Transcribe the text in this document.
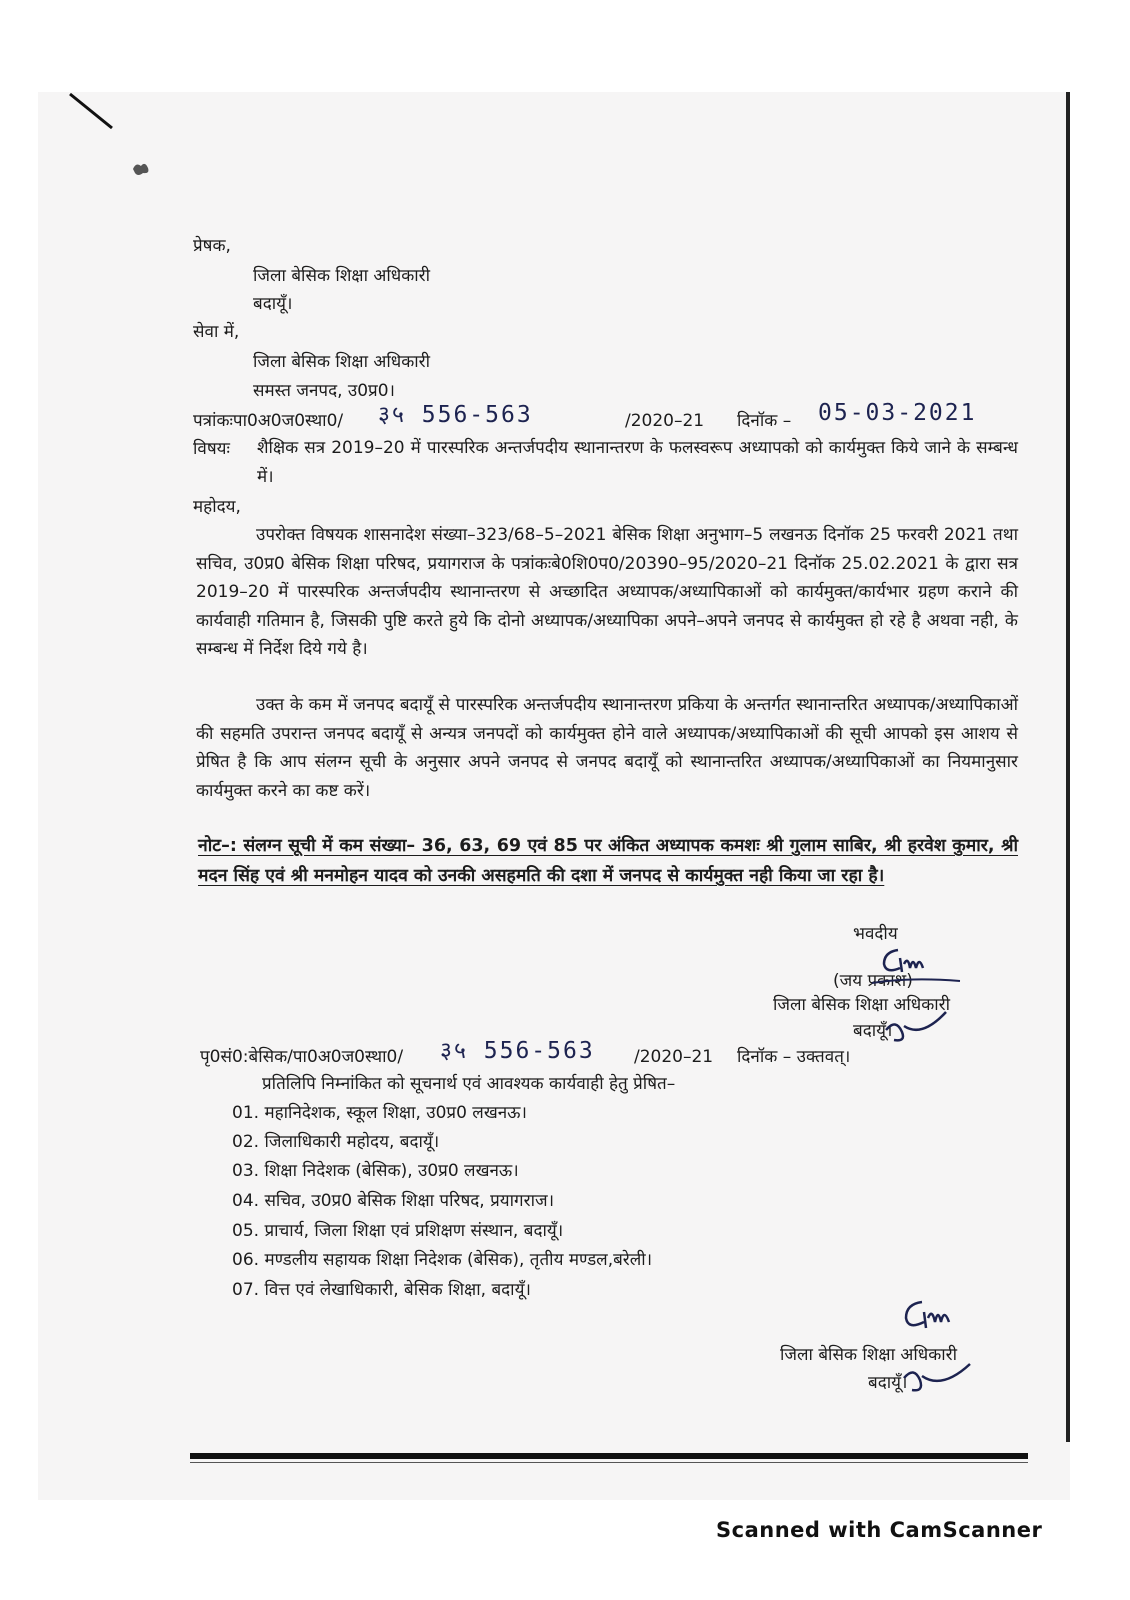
प्रेषक,
जिला बेसिक शिक्षा अधिकारी
बदायूँ।
सेवा में,
जिला बेसिक शिक्षा अधिकारी
समस्त जनपद, उ0प्र0।
पत्रांकःपा0अ0ज0स्था0/ ३५ 556-563	/2020–21 दिनॉक – 05-03-2021
विषयः शैक्षिक सत्र 2019–20 में पारस्परिक अन्तर्जपदीय स्थानान्तरण के फलस्वरूप अध्यापको को कार्यमुक्त किये जाने के सम्बन्ध में।
महोदय,
उपरोक्त विषयक शासनादेश संख्या–323/68–5–2021 बेसिक शिक्षा अनुभाग–5 लखनऊ दिनॉक 25 फरवरी 2021 तथा सचिव, उ0प्र0 बेसिक शिक्षा परिषद, प्रयागराज के पत्रांकःबे0शि0प0/20390–95/2020–21 दिनॉक 25.02.2021 के द्वारा सत्र 2019–20 में पारस्परिक अन्तर्जपदीय स्थानान्तरण से अच्छादित अध्यापक/अध्यापिकाओं को कार्यमुक्त/कार्यभार ग्रहण कराने की कार्यवाही गतिमान है, जिसकी पुष्टि करते हुये कि दोनो अध्यापक/अध्यापिका अपने–अपने जनपद से कार्यमुक्त हो रहे है अथवा नही, के सम्बन्ध में निर्देश दिये गये है।
उक्त के कम में जनपद बदायूँ से पारस्परिक अन्तर्जपदीय स्थानान्तरण प्रकिया के अन्तर्गत स्थानान्तरित अध्यापक/अध्यापिकाओं की सहमति उपरान्त जनपद बदायूँ से अन्यत्र जनपदों को कार्यमुक्त होने वाले अध्यापक/अध्यापिकाओं की सूची आपको इस आशय से प्रेषित है कि आप संलग्न सूची के अनुसार अपने जनपद से जनपद बदायूँ को स्थानान्तरित अध्यापक/अध्यापिकाओं का नियमानुसार कार्यमुक्त करने का कष्ट करें।
नोट–: संलग्न सूची में कम संख्या– 36, 63, 69 एवं 85 पर अंकित अध्यापक कमशः श्री गुलाम साबिर, श्री हरवेश कुमार, श्री मदन सिंह एवं श्री मनमोहन यादव को उनकी असहमति की दशा में जनपद से कार्यमुक्त नही किया जा रहा है।
भवदीय
(जय प्रकाश)
जिला बेसिक शिक्षा अधिकारी
बदायूँ।
पृ0सं0:बेसिक/पा0अ0ज0स्था0/ ३५ 556-563 /2020–21 दिनॉक – उक्तवत्।
प्रतिलिपि निम्नांकित को सूचनार्थ एवं आवश्यक कार्यवाही हेतु प्रेषित–
01. महानिदेशक, स्कूल शिक्षा, उ0प्र0 लखनऊ।
02. जिलाधिकारी महोदय, बदायूँ।
03. शिक्षा निदेशक (बेसिक), उ0प्र0 लखनऊ।
04. सचिव, उ0प्र0 बेसिक शिक्षा परिषद, प्रयागराज।
05. प्राचार्य, जिला शिक्षा एवं प्रशिक्षण संस्थान, बदायूँ।
06. मण्डलीय सहायक शिक्षा निदेशक (बेसिक), तृतीय मण्डल,बरेली।
07. वित्त एवं लेखाधिकारी, बेसिक शिक्षा, बदायूँ।
जिला बेसिक शिक्षा अधिकारी
बदायूँ।
Scanned with CamScanner
